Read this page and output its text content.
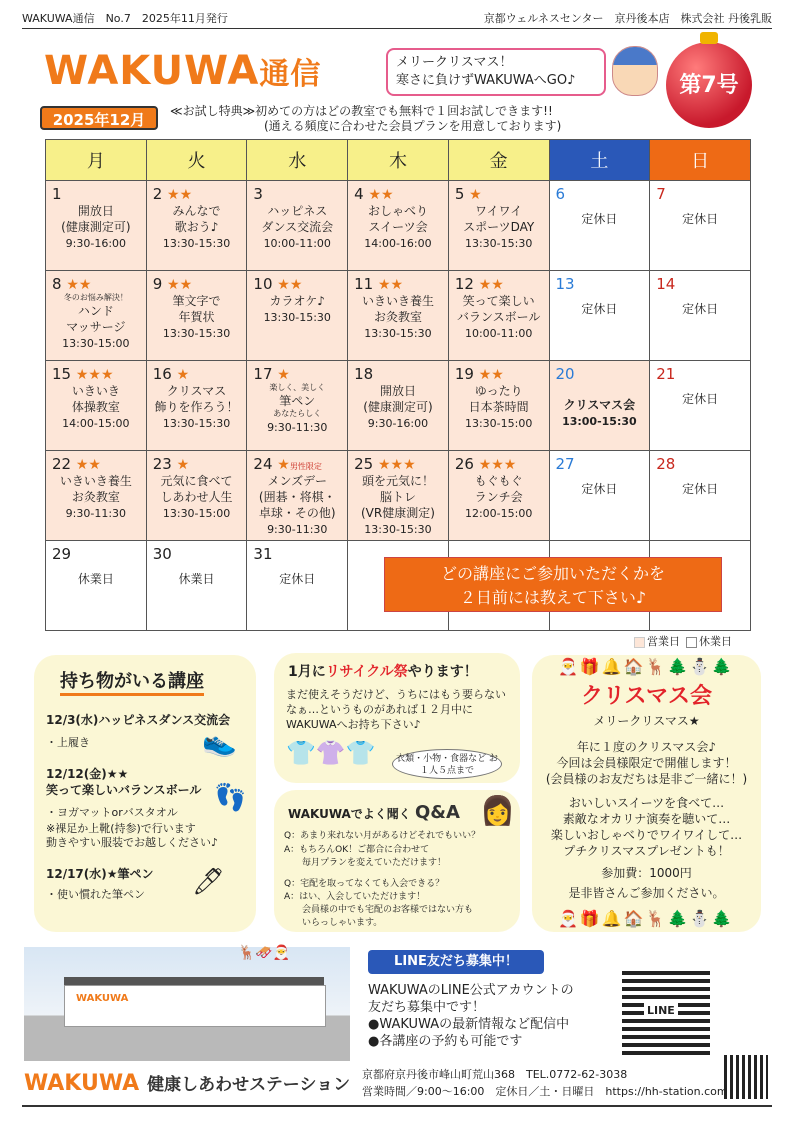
WAKUWA通信　No.7　2025年11月発行	京都ウェルネスセンター　京丹後本店　株式会社 丹後乳販
WAKUWA通信	メリークリスマス！
寒さに負けずWAKUWAへGO♪	第7号
2025年12月	≪お試し特典≫初めての方はどの教室でも無料で１回お試しできます!!
(通える頻度に合わせた会員プランを用意しております)
月	火	水	木	金	土	日

1
開放日
(健康測定可)
9:30-16:00	2 ★★
みんなで
歌おう♪
13:30-15:30	3
ハッピネス
ダンス交流会
10:00-11:00	4 ★★
おしゃべり
スイーツ会
14:00-16:00	5 ★
ワイワイ
スポーツDAY
13:30-15:30	6
定休日	7
定休日

8 ★★
冬のお悩み解決！
ハンド
マッサージ
13:30-15:00	9 ★★
筆文字で
年賀状
13:30-15:30	10 ★★
カラオケ♪
13:30-15:30	11 ★★
いきいき養生
お灸教室
13:30-15:30	12 ★★
笑って楽しい
バランスボール
10:00-11:00	13
定休日	14
定休日

15 ★★★
いきいき
体操教室
14:00-15:00	16 ★
クリスマス
飾りを作ろう！
13:30-15:30	17 ★
楽しく、美しく
筆ペン
あなたらしく
9:30-11:30	18
開放日
(健康測定可)
9:30-16:00	19 ★★
ゆったり
日本茶時間
13:30-15:00	20
クリスマス会
13:00-15:30	21
定休日

22 ★★
いきいき養生
お灸教室
9:30-11:30	23 ★
元気に食べて
しあわせ人生
13:30-15:00	24 ★男性限定
メンズデー
(囲碁・将棋・
卓球・その他)
9:30-11:30	25 ★★★
頭を元気に！
脳トレ
(VR健康測定)
13:30-15:30	26 ★★★
もぐもぐ
ランチ会
12:00-15:00	27
定休日	28
定休日

29
休業日	30
休業日	31
定休日				

		どの講座にご参加いただくかを
２日前には教えて下さい♪
営業日 休業日
持ち物がいる講座
12/3(水)ハッピネスダンス交流会
・上履き
12/12(金)★★
笑って楽しいバランスボール
・ヨガマットorバスタオル
※裸足か上靴(持参)で行います
動きやすい服装でお越しください♪
12/17(水)★筆ペン
・使い慣れた筆ペン
👟
👣
🖊
1月にリサイクル祭やります！
まだ使えそうだけど、うちにはもう要らないなぁ…というものがあれば１２月中にWAKUWAへお持ち下さい♪
👕👚👕	衣類・小物・食器など お１人５点まで
WAKUWAでよく聞く Q&A 👩
Q：あまり来れない月があるけどそれでもいい？
A：もちろんOK！ご都合に合わせて
　　毎月プランを変えていただけます！
Q：宅配を取ってなくても入会できる？
A：はい、入会していただけます！
　　会員様の中でも宅配のお客様ではない方も
　　いらっしゃいます。
🎅🎁🔔🏠🦌🌲⛄🌲
クリスマス会
メリークリスマス★
年に１度のクリスマス会♪
今回は会員様限定で開催します！
(会員様のお友だちは是非ご一緒に！)
おいしいスイーツを食べて…
素敵なオカリナ演奏を聴いて…
楽しいおしゃべりでワイワイして…
プチクリスマスプレゼントも！
参加費：1000円
是非皆さんご参加ください。
🎅🎁🔔🏠🦌🌲⛄🌲
WAKUWA
🦌🛷🎅
LINE友だち募集中！
WAKUWAのLINE公式アカウントの
友だち募集中です！
●WAKUWAの最新情報など配信中
●各講座の予約も可能です
LINE
WAKUWA 健康しあわせステーション
京都府京丹後市峰山町荒山368　TEL.0772-62-3038
営業時間／9:00～16:00　定休日／土・日曜日　https://hh-station.com
